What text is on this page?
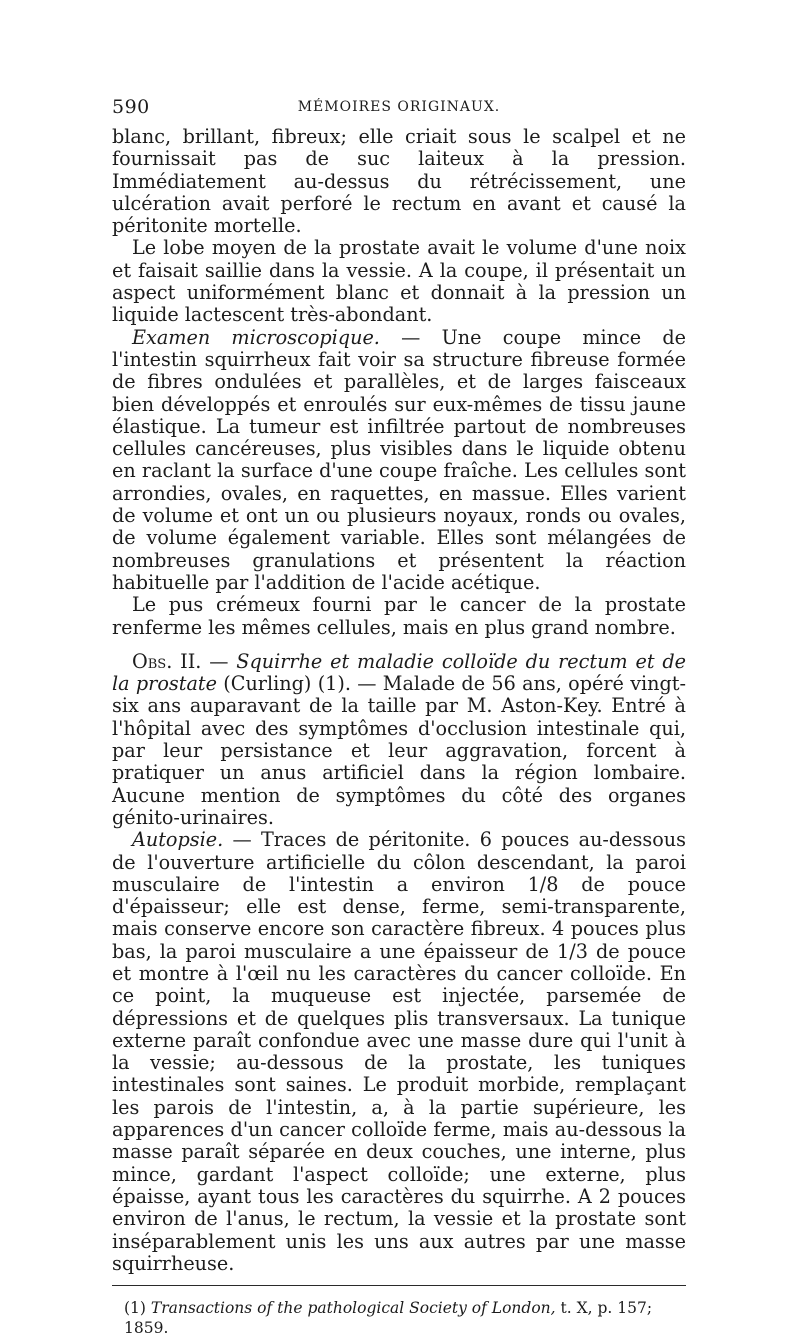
590	MÉMOIRES ORIGINAUX.

blanc, brillant, fibreux; elle criait sous le scalpel et ne fournissait pas de suc laiteux à la pression. Immédiatement au-dessus du rétrécissement, une ulcération avait perforé le rectum en avant et causé la péritonite mortelle.

Le lobe moyen de la prostate avait le volume d'une noix et faisait saillie dans la vessie. A la coupe, il présentait un aspect uniformément blanc et donnait à la pression un liquide lactescent très-abondant.

Examen microscopique. — Une coupe mince de l'intestin squirrheux fait voir sa structure fibreuse formée de fibres ondulées et parallèles, et de larges faisceaux bien développés et enroulés sur eux-mêmes de tissu jaune élastique. La tumeur est infiltrée partout de nombreuses cellules cancéreuses, plus visibles dans le liquide obtenu en raclant la surface d'une coupe fraîche. Les cellules sont arrondies, ovales, en raquettes, en massue. Elles varient de volume et ont un ou plusieurs noyaux, ronds ou ovales, de volume également variable. Elles sont mélangées de nombreuses granulations et présentent la réaction habituelle par l'addition de l'acide acétique.

Le pus crémeux fourni par le cancer de la prostate renferme les mêmes cellules, mais en plus grand nombre.

Obs. II. — Squirrhe et maladie colloïde du rectum et de la prostate (Curling) (1). — Malade de 56 ans, opéré vingt-six ans auparavant de la taille par M. Aston-Key. Entré à l'hôpital avec des symptômes d'occlusion intestinale qui, par leur persistance et leur aggravation, forcent à pratiquer un anus artificiel dans la région lombaire. Aucune mention de symptômes du côté des organes génito-urinaires.

Autopsie. — Traces de péritonite. 6 pouces au-dessous de l'ouverture artificielle du côlon descendant, la paroi musculaire de l'intestin a environ 1/8 de pouce d'épaisseur; elle est dense, ferme, semi-transparente, mais conserve encore son caractère fibreux. 4 pouces plus bas, la paroi musculaire a une épaisseur de 1/3 de pouce et montre à l'œil nu les caractères du cancer colloïde. En ce point, la muqueuse est injectée, parsemée de dépressions et de quelques plis transversaux. La tunique externe paraît confondue avec une masse dure qui l'unit à la vessie; au-dessous de la prostate, les tuniques intestinales sont saines. Le produit morbide, remplaçant les parois de l'intestin, a, à la partie supérieure, les apparences d'un cancer colloïde ferme, mais au-dessous la masse paraît séparée en deux couches, une interne, plus mince, gardant l'aspect colloïde; une externe, plus épaisse, ayant tous les caractères du squirrhe. A 2 pouces environ de l'anus, le rectum, la vessie et la prostate sont inséparablement unis les uns aux autres par une masse squirrheuse.

(1) Transactions of the pathological Society of London, t. X, p. 157; 1859.
